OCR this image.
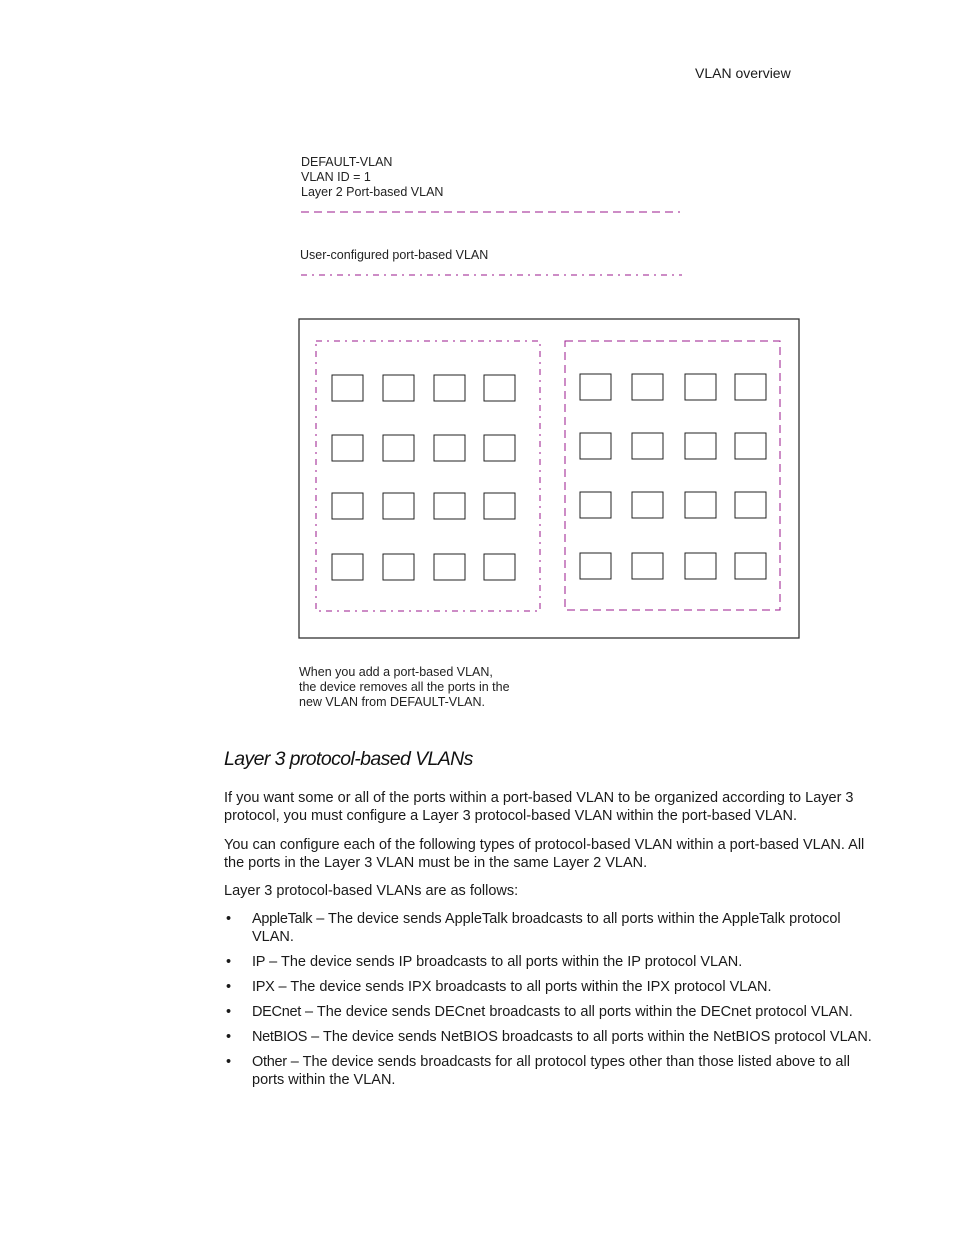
VLAN overview
DEFAULT-VLAN
VLAN ID = 1
Layer 2 Port-based VLAN
User-configured port-based VLAN
When you add a port-based VLAN,
the device removes all the ports in the
new VLAN from DEFAULT-VLAN.
Layer 3 protocol-based VLANs

If you want some or all of the ports within a port-based VLAN to be organized according to Layer 3 protocol, you must configure a Layer 3 protocol-based VLAN within the port-based VLAN.

You can configure each of the following types of protocol-based VLAN within a port-based VLAN. All the ports in the Layer 3 VLAN must be in the same Layer 2 VLAN.

Layer 3 protocol-based VLANs are as follows:

• AppleTalk – The device sends AppleTalk broadcasts to all ports within the AppleTalk protocol VLAN.
• IP – The device sends IP broadcasts to all ports within the IP protocol VLAN.
• IPX – The device sends IPX broadcasts to all ports within the IPX protocol VLAN.
• DECnet – The device sends DECnet broadcasts to all ports within the DECnet protocol VLAN.
• NetBIOS – The device sends NetBIOS broadcasts to all ports within the NetBIOS protocol VLAN.
• Other – The device sends broadcasts for all protocol types other than those listed above to all ports within the VLAN.
